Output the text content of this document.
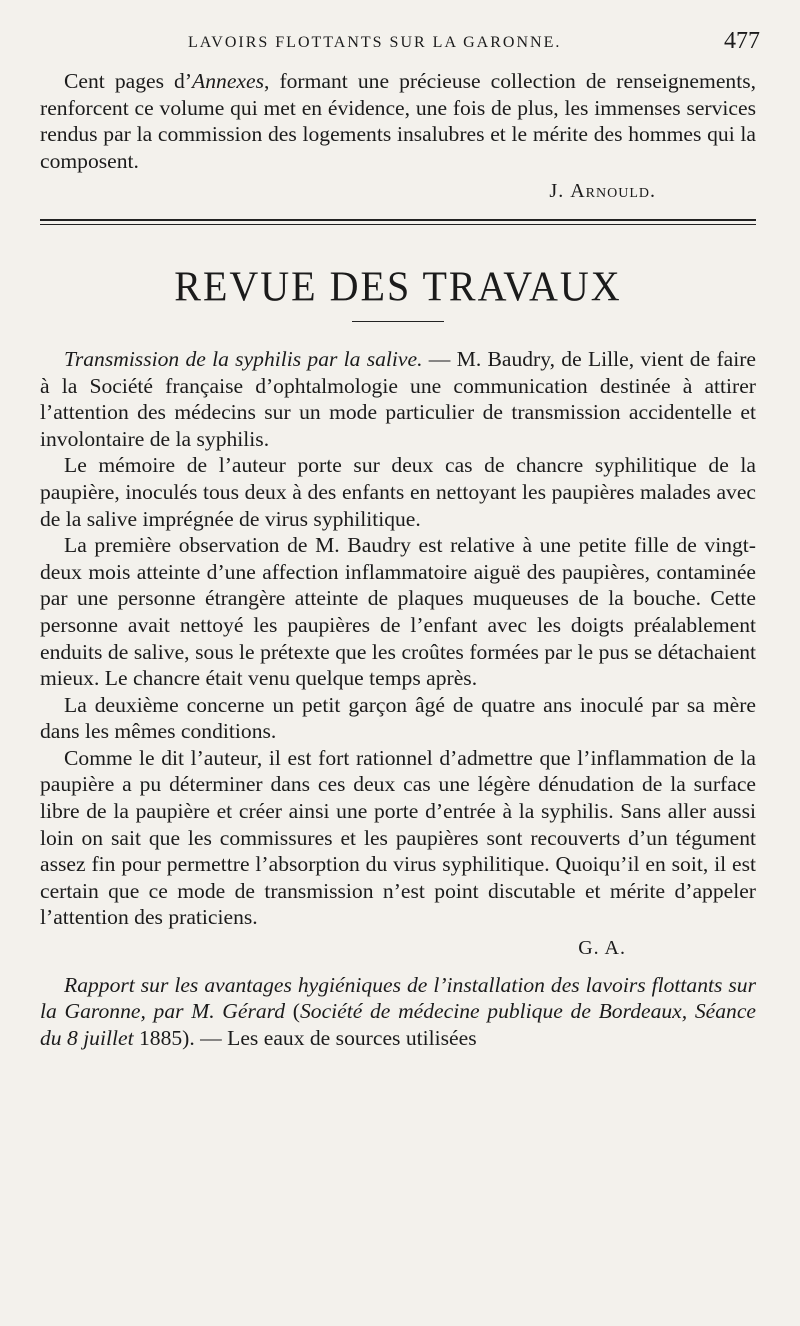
LAVOIRS FLOTTANTS SUR LA GARONNE.	477

Cent pages d’Annexes, formant une précieuse collection de renseignements, renforcent ce volume qui met en évidence, une fois de plus, les immenses services rendus par la commission des logements insalubres et le mérite des hommes qui la composent.

J. Arnould.
REVUE DES TRAVAUX

Transmission de la syphilis par la salive. — M. Baudry, de Lille, vient de faire à la Société française d’ophtalmologie une communication destinée à attirer l’attention des médecins sur un mode particulier de transmission accidentelle et involontaire de la syphilis.

Le mémoire de l’auteur porte sur deux cas de chancre syphilitique de la paupière, inoculés tous deux à des enfants en nettoyant les paupières malades avec de la salive imprégnée de virus syphilitique.

La première observation de M. Baudry est relative à une petite fille de vingt-deux mois atteinte d’une affection inflammatoire aiguë des paupières, contaminée par une personne étrangère atteinte de plaques muqueuses de la bouche. Cette personne avait nettoyé les paupières de l’enfant avec les doigts préalablement enduits de salive, sous le prétexte que les croûtes formées par le pus se détachaient mieux. Le chancre était venu quelque temps après.

La deuxième concerne un petit garçon âgé de quatre ans inoculé par sa mère dans les mêmes conditions.

Comme le dit l’auteur, il est fort rationnel d’admettre que l’inflammation de la paupière a pu déterminer dans ces deux cas une légère dénudation de la surface libre de la paupière et créer ainsi une porte d’entrée à la syphilis. Sans aller aussi loin on sait que les commissures et les paupières sont recouverts d’un tégument assez fin pour permettre l’absorption du virus syphilitique. Quoiqu’il en soit, il est certain que ce mode de transmission n’est point discutable et mérite d’appeler l’attention des praticiens.

G. A.

Rapport sur les avantages hygiéniques de l’installation des lavoirs flottants sur la Garonne, par M. Gérard (Société de médecine publique de Bordeaux, Séance du 8 juillet 1885). — Les eaux de sources utilisées
